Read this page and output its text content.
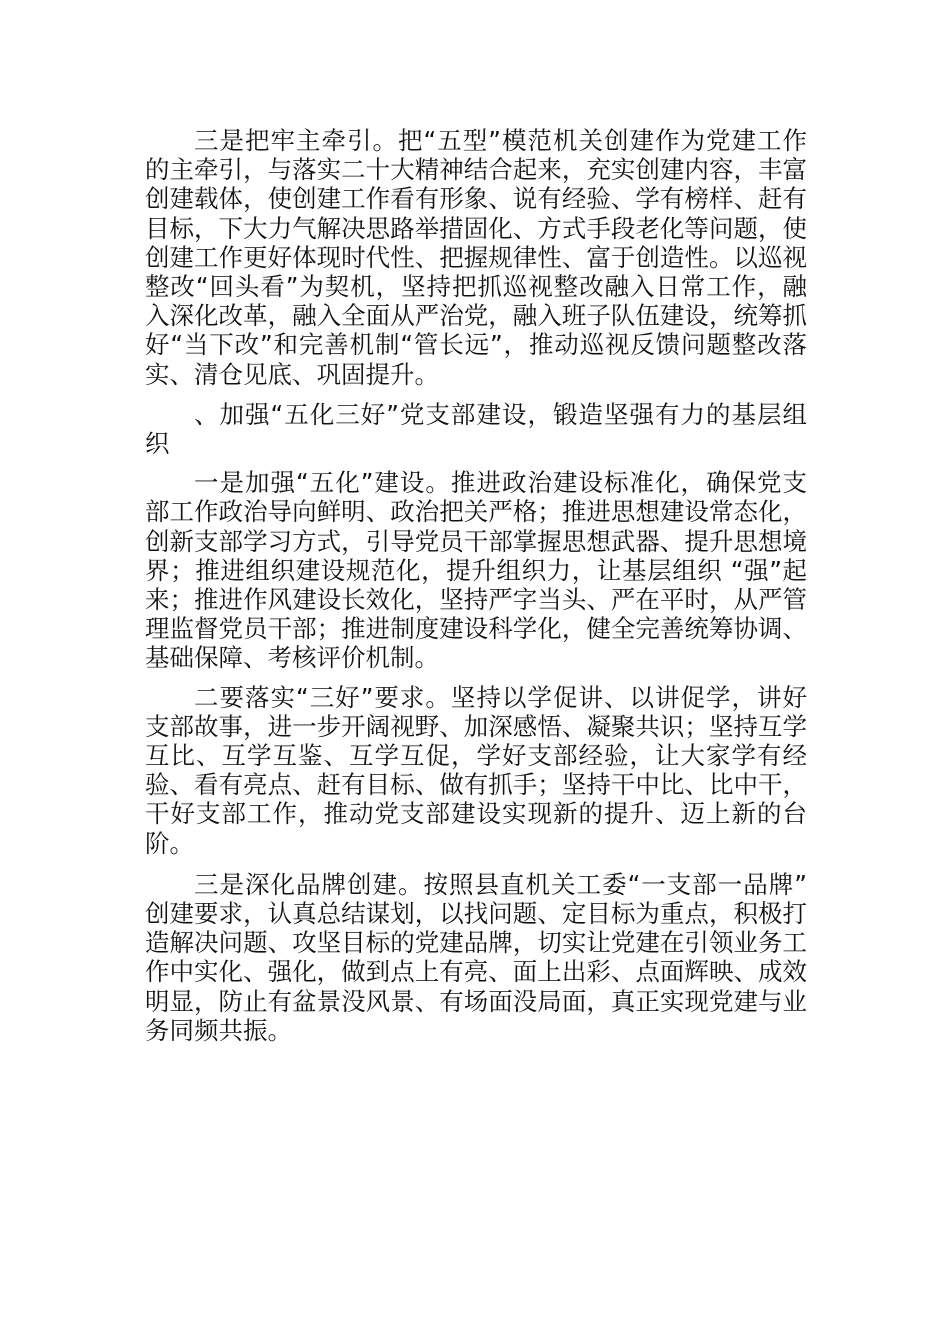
三是把牢主牵引。把“五型”模范机关创建作为党建工作的主牵引，与落实二十大精神结合起来，充实创建内容，丰富创建载体，使创建工作看有形象、说有经验、学有榜样、赶有目标，下大力气解决思路举措固化、方式手段老化等问题，使创建工作更好体现时代性、把握规律性、富于创造性。以巡视整改“回头看”为契机，坚持把抓巡视整改融入日常工作，融入深化改革，融入全面从严治党，融入班子队伍建设，统筹抓好“当下改”和完善机制“管长远”，推动巡视反馈问题整改落实、清仓见底、巩固提升。

、加强“五化三好”党支部建设，锻造坚强有力的基层组织

一是加强“五化”建设。推进政治建设标准化，确保党支部工作政治导向鲜明、政治把关严格；推进思想建设常态化，创新支部学习方式，引导党员干部掌握思想武器、提升思想境界；推进组织建设规范化，提升组织力，让基层组织 “强”起来；推进作风建设长效化，坚持严字当头、严在平时，从严管理监督党员干部；推进制度建设科学化，健全完善统筹协调、基础保障、考核评价机制。

二要落实“三好”要求。坚持以学促讲、以讲促学，讲好支部故事，进一步开阔视野、加深感悟、凝聚共识；坚持互学互比、互学互鉴、互学互促，学好支部经验，让大家学有经验、看有亮点、赶有目标、做有抓手；坚持干中比、比中干，干好支部工作，推动党支部建设实现新的提升、迈上新的台阶。

三是深化品牌创建。按照县直机关工委“一支部一品牌” 创建要求，认真总结谋划，以找问题、定目标为重点，积极打造解决问题、攻坚目标的党建品牌，切实让党建在引领业务工作中实化、强化，做到点上有亮、面上出彩、点面辉映、成效明显，防止有盆景没风景、有场面没局面，真正实现党建与业务同频共振。
